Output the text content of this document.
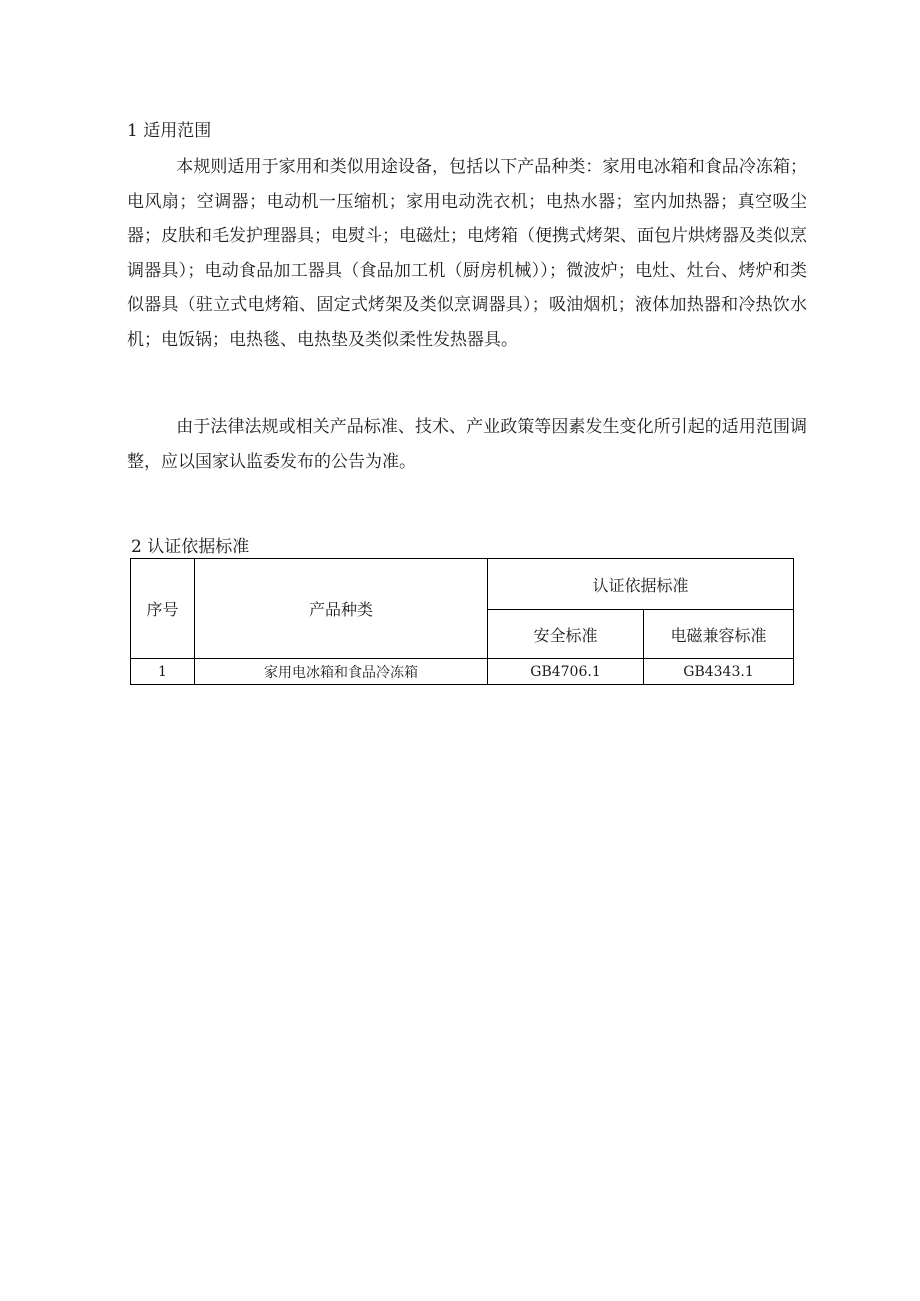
1 适用范围

本规则适用于家用和类似用途设备，包括以下产品种类：家用电冰箱和食品冷冻箱；电风扇；空调器；电动机一压缩机；家用电动洗衣机；电热水器；室内加热器；真空吸尘器；皮肤和毛发护理器具；电熨斗；电磁灶；电烤箱（便携式烤架、面包片烘烤器及类似烹调器具）；电动食品加工器具（食品加工机（厨房机械））；微波炉；电灶、灶台、烤炉和类似器具（驻立式电烤箱、固定式烤架及类似烹调器具）；吸油烟机；液体加热器和冷热饮水机；电饭锅；电热毯、电热垫及类似柔性发热器具。

由于法律法规或相关产品标准、技术、产业政策等因素发生变化所引起的适用范围调整，应以国家认监委发布的公告为准。

2 认证依据标准
序号	产品种类	认证依据标准	
		安全标准	电磁兼容标准
1	家用电冰箱和食品冷冻箱	GB4706.1	GB4343.1
